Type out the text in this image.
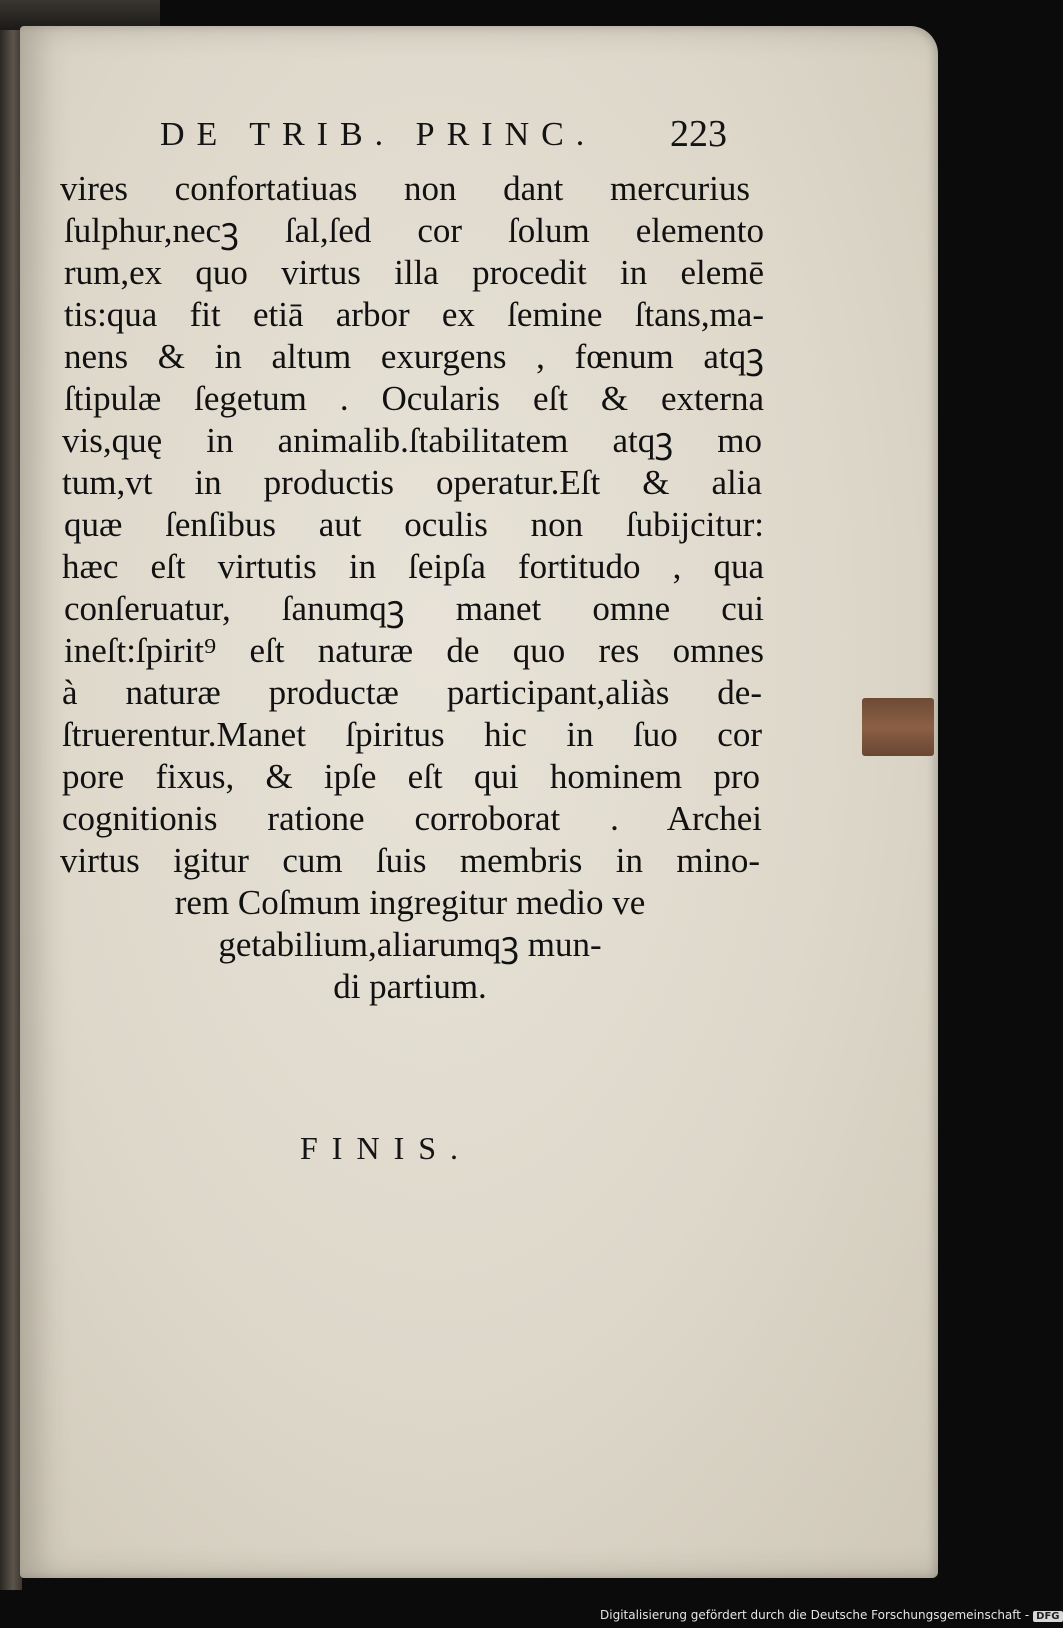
DE TRIB. PRINC. 223
vires confortatiuas non dant mercurius
ſulphur,necꝫ ſal,ſed cor ſolum elemento
rum,ex quo virtus illa procedit in elemē
tis:qua fit etiā arbor ex ſemine ſtans,ma-
nens & in altum exurgens , fœnum atqꝫ
ſtipulæ ſegetum . Ocularis eſt & externa
vis,quę in animalib.ſtabilitatem atqꝫ mo
tum,vt in productis operatur.Eſt & alia
quæ ſenſibus aut oculis non ſubijcitur:
hæc eſt virtutis in ſeipſa fortitudo , qua
conſeruatur, ſanumqꝫ manet omne cui
ineſt:ſpirit⁹ eſt naturæ de quo res omnes
à naturæ productæ participant,aliàs de-
ſtruerentur.Manet ſpiritus hic in ſuo cor
pore fixus, & ipſe eſt qui hominem pro
cognitionis ratione corroborat . Archei
virtus igitur cum ſuis membris in mino-
rem Coſmum ingregitur medio ve
getabilium,aliarumqꝫ mun-
di partium.
FINIS.
Digitalisierung gefördert durch die Deutsche Forschungsgemeinschaft - DFG
